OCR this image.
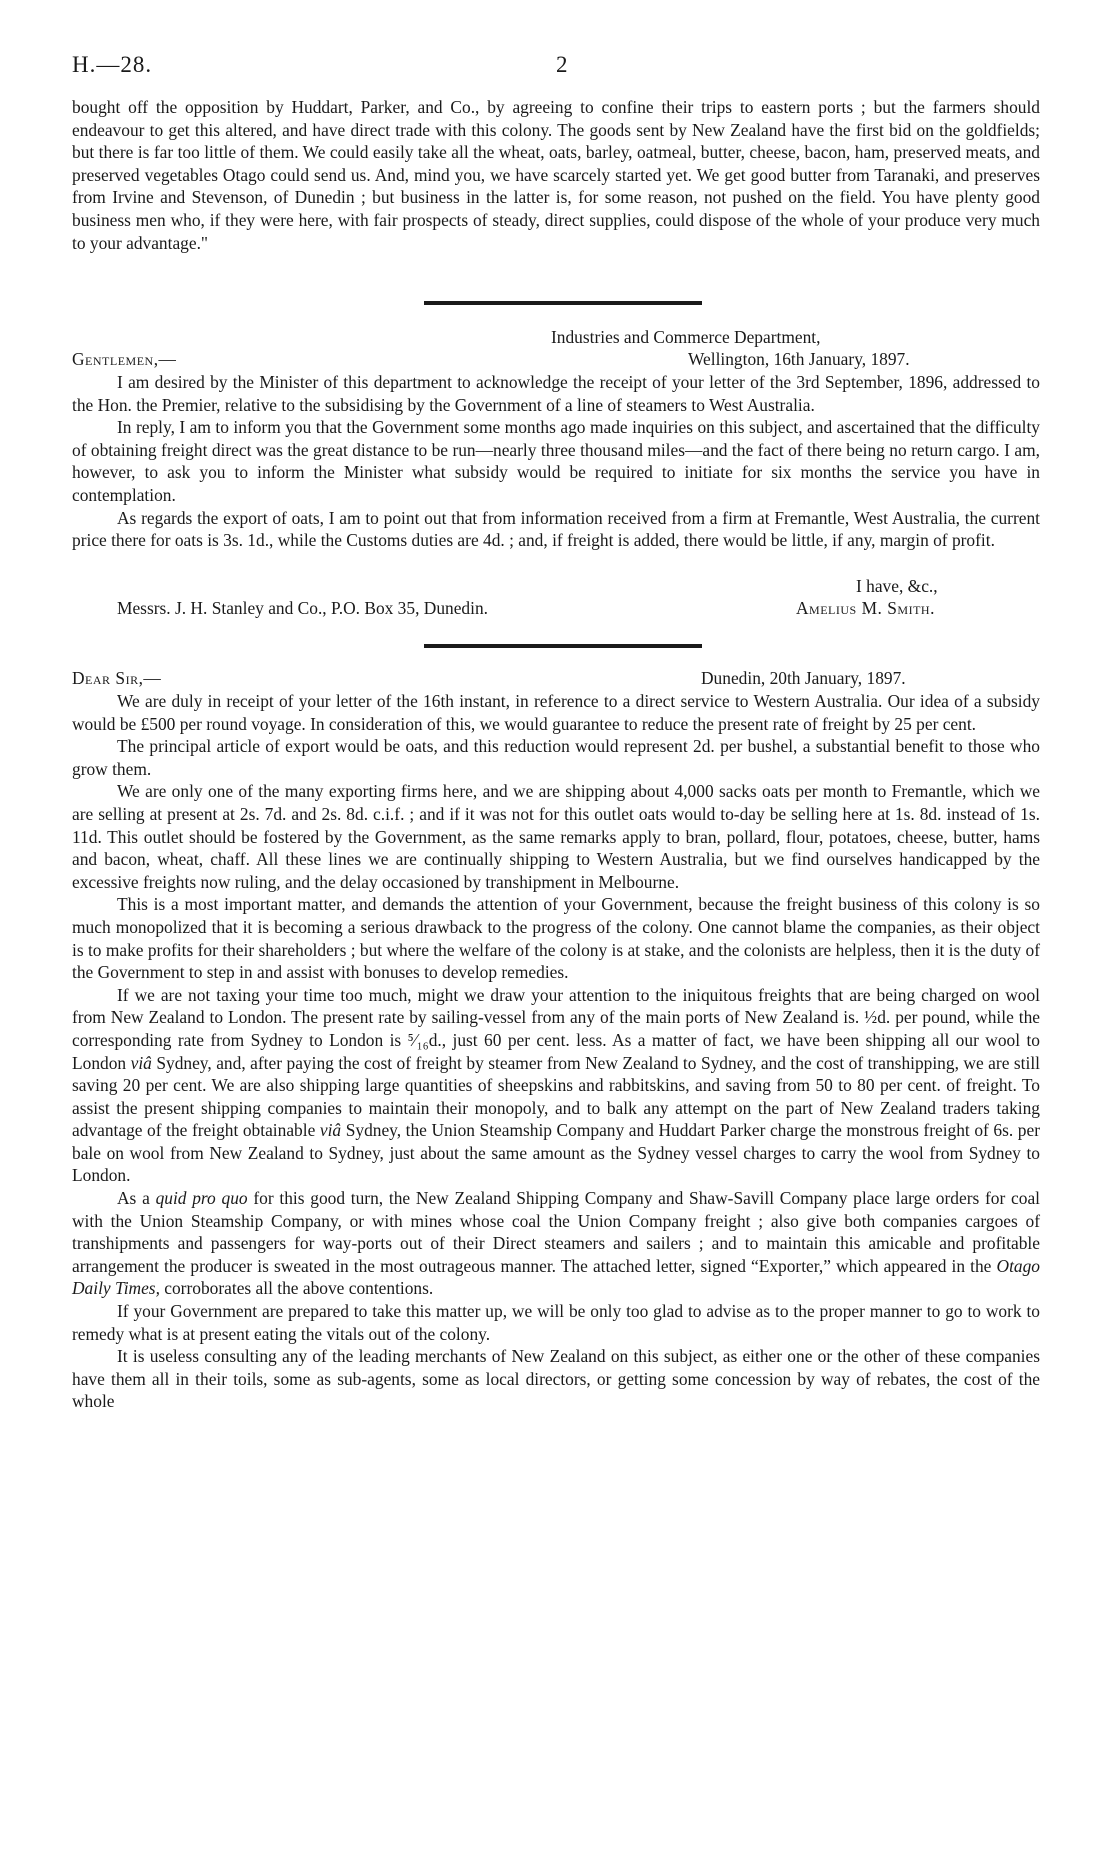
H.—28.	2

bought off the opposition by Huddart, Parker, and Co., by agreeing to confine their trips to eastern ports ; but the farmers should endeavour to get this altered, and have direct trade with this colony. The goods sent by New Zealand have the first bid on the goldfields; but there is far too little of them. We could easily take all the wheat, oats, barley, oatmeal, butter, cheese, bacon, ham, preserved meats, and preserved vegetables Otago could send us. And, mind you, we have scarcely started yet. We get good butter from Taranaki, and preserves from Irvine and Stevenson, of Dunedin ; but business in the latter is, for some reason, not pushed on the field. You have plenty good business men who, if they were here, with fair prospects of steady, direct supplies, could dispose of the whole of your produce very much to your advantage."

Industries and Commerce Department,
Gentlemen,—	Wellington, 16th January, 1897.

I am desired by the Minister of this department to acknowledge the receipt of your letter of the 3rd September, 1896, addressed to the Hon. the Premier, relative to the subsidising by the Government of a line of steamers to West Australia.

In reply, I am to inform you that the Government some months ago made inquiries on this subject, and ascertained that the difficulty of obtaining freight direct was the great distance to be run—nearly three thousand miles—and the fact of there being no return cargo. I am, however, to ask you to inform the Minister what subsidy would be required to initiate for six months the service you have in contemplation.

As regards the export of oats, I am to point out that from information received from a firm at Fremantle, West Australia, the current price there for oats is 3s. 1d., while the Customs duties are 4d. ; and, if freight is added, there would be little, if any, margin of profit.

I have, &c.,
Messrs. J. H. Stanley and Co., P.O. Box 35, Dunedin.	Amelius M. Smith.
Dear Sir,—	Dunedin, 20th January, 1897.

We are duly in receipt of your letter of the 16th instant, in reference to a direct service to Western Australia. Our idea of a subsidy would be £500 per round voyage. In consideration of this, we would guarantee to reduce the present rate of freight by 25 per cent.

The principal article of export would be oats, and this reduction would represent 2d. per bushel, a substantial benefit to those who grow them.

We are only one of the many exporting firms here, and we are shipping about 4,000 sacks oats per month to Fremantle, which we are selling at present at 2s. 7d. and 2s. 8d. c.i.f. ; and if it was not for this outlet oats would to-day be selling here at 1s. 8d. instead of 1s. 11d. This outlet should be fostered by the Government, as the same remarks apply to bran, pollard, flour, potatoes, cheese, butter, hams and bacon, wheat, chaff. All these lines we are continually shipping to Western Australia, but we find ourselves handicapped by the excessive freights now ruling, and the delay occasioned by transhipment in Melbourne.

This is a most important matter, and demands the attention of your Government, because the freight business of this colony is so much monopolized that it is becoming a serious drawback to the progress of the colony. One cannot blame the companies, as their object is to make profits for their shareholders ; but where the welfare of the colony is at stake, and the colonists are helpless, then it is the duty of the Government to step in and assist with bonuses to develop remedies.

If we are not taxing your time too much, might we draw your attention to the iniquitous freights that are being charged on wool from New Zealand to London. The present rate by sailing-vessel from any of the main ports of New Zealand is. ½d. per pound, while the corresponding rate from Sydney to London is ⁵⁄₁₆d., just 60 per cent. less. As a matter of fact, we have been shipping all our wool to London viâ Sydney, and, after paying the cost of freight by steamer from New Zealand to Sydney, and the cost of transhipping, we are still saving 20 per cent. We are also shipping large quantities of sheepskins and rabbitskins, and saving from 50 to 80 per cent. of freight. To assist the present shipping companies to maintain their monopoly, and to balk any attempt on the part of New Zealand traders taking advantage of the freight obtainable viâ Sydney, the Union Steamship Company and Huddart Parker charge the monstrous freight of 6s. per bale on wool from New Zealand to Sydney, just about the same amount as the Sydney vessel charges to carry the wool from Sydney to London.

As a quid pro quo for this good turn, the New Zealand Shipping Company and Shaw-Savill Company place large orders for coal with the Union Steamship Company, or with mines whose coal the Union Company freight ; also give both companies cargoes of transhipments and passengers for way-ports out of their Direct steamers and sailers ; and to maintain this amicable and profitable arrangement the producer is sweated in the most outrageous manner. The attached letter, signed “Exporter,” which appeared in the Otago Daily Times, corroborates all the above contentions.

If your Government are prepared to take this matter up, we will be only too glad to advise as to the proper manner to go to work to remedy what is at present eating the vitals out of the colony.

It is useless consulting any of the leading merchants of New Zealand on this subject, as either one or the other of these companies have them all in their toils, some as sub-agents, some as local directors, or getting some concession by way of rebates, the cost of the whole
